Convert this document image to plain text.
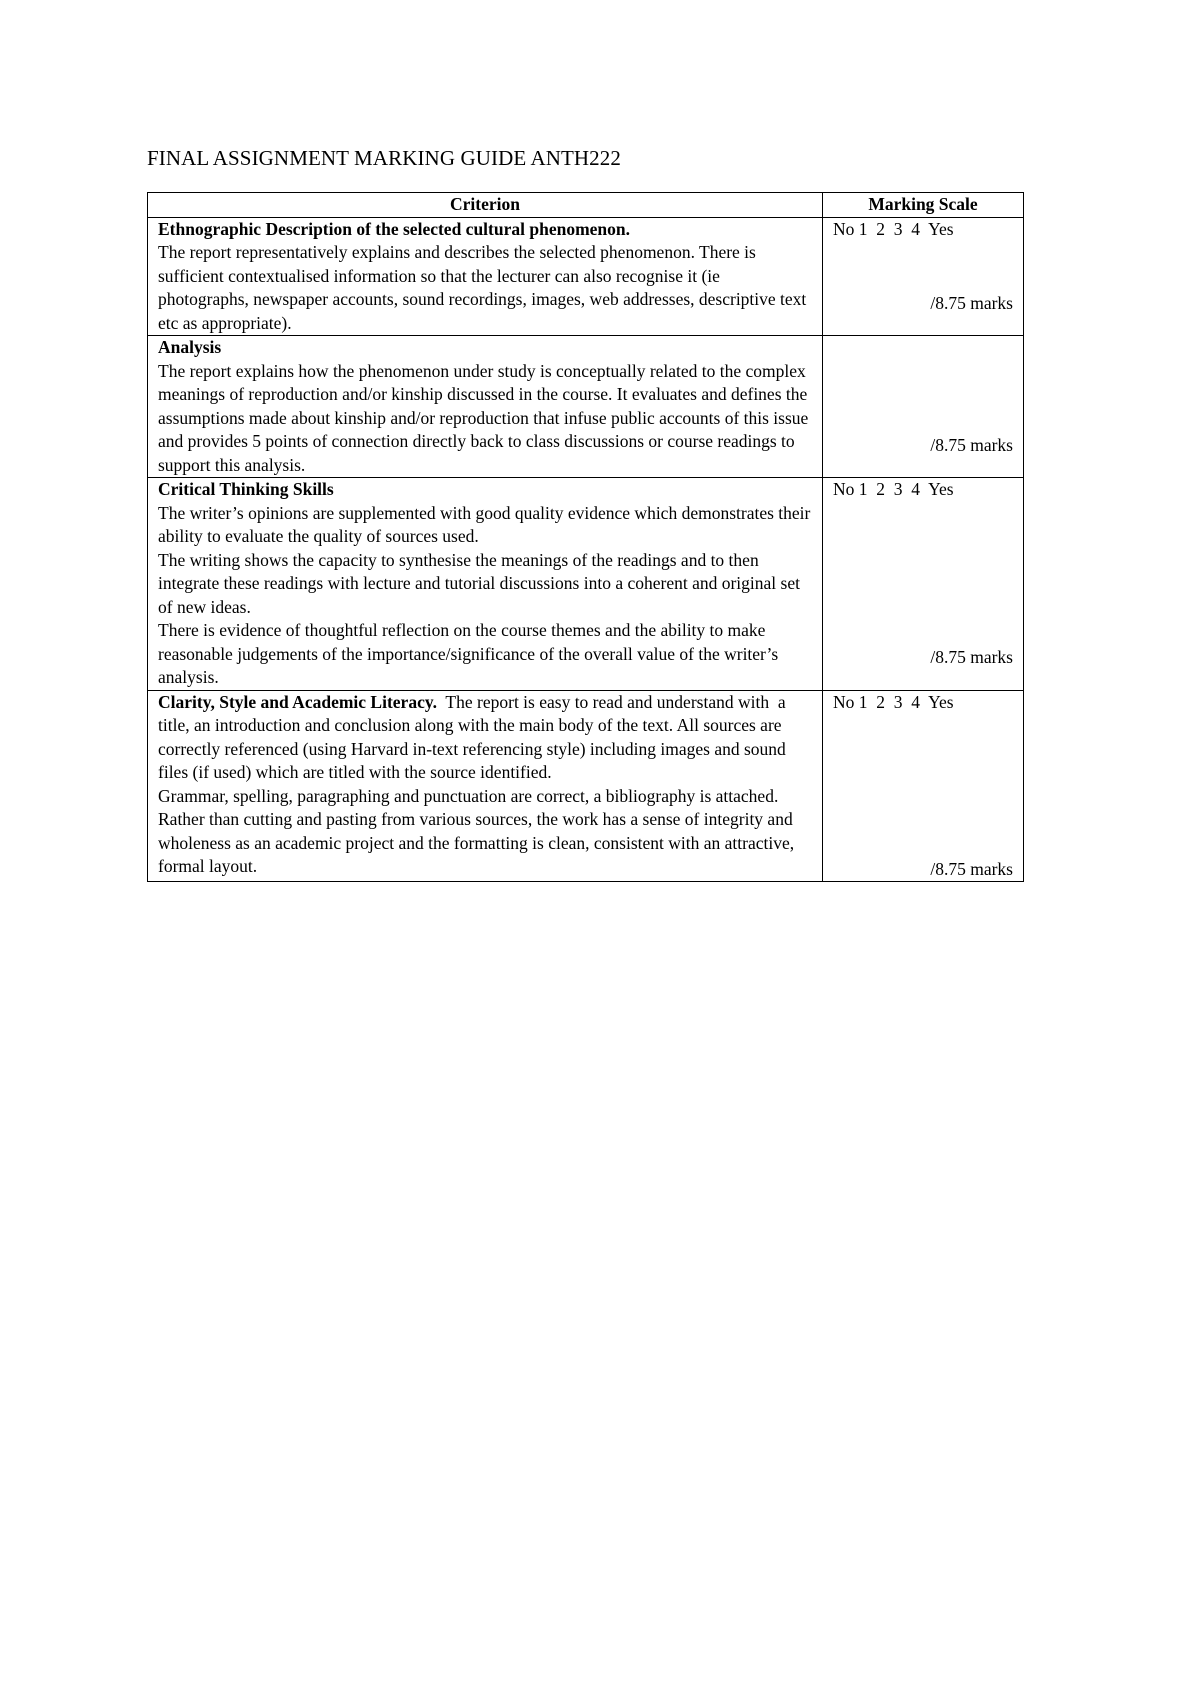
FINAL ASSIGNMENT MARKING GUIDE ANTH222
Criterion	Marking Scale

Ethnographic Description of the selected cultural phenomenon.
The report representatively explains and describes the selected phenomenon. There is sufficient contextualised information so that the lecturer can also recognise it (ie photographs, newspaper accounts, sound recordings, images, web addresses, descriptive text etc as appropriate).	No 1  2  3  4  Yes
/8.75 marks

Analysis
The report explains how the phenomenon under study is conceptually related to the complex meanings of reproduction and/or kinship discussed in the course. It evaluates and defines the assumptions made about kinship and/or reproduction that infuse public accounts of this issue and provides 5 points of connection directly back to class discussions or course readings to support this analysis.	/8.75 marks

Critical Thinking Skills
The writer’s opinions are supplemented with good quality evidence which demonstrates their ability to evaluate the quality of sources used.
The writing shows the capacity to synthesise the meanings of the readings and to then integrate these readings with lecture and tutorial discussions into a coherent and original set of new ideas.
There is evidence of thoughtful reflection on the course themes and the ability to make reasonable judgements of the importance/significance of the overall value of the writer’s analysis.	No 1  2  3  4  Yes
/8.75 marks

Clarity, Style and Academic Literacy.  The report is easy to read and understand with  a title, an introduction and conclusion along with the main body of the text. All sources are correctly referenced (using Harvard in-text referencing style) including images and sound files (if used) which are titled with the source identified.
Grammar, spelling, paragraphing and punctuation are correct, a bibliography is attached.
Rather than cutting and pasting from various sources, the work has a sense of integrity and wholeness as an academic project and the formatting is clean, consistent with an attractive, formal layout.	No 1  2  3  4  Yes
/8.75 marks
